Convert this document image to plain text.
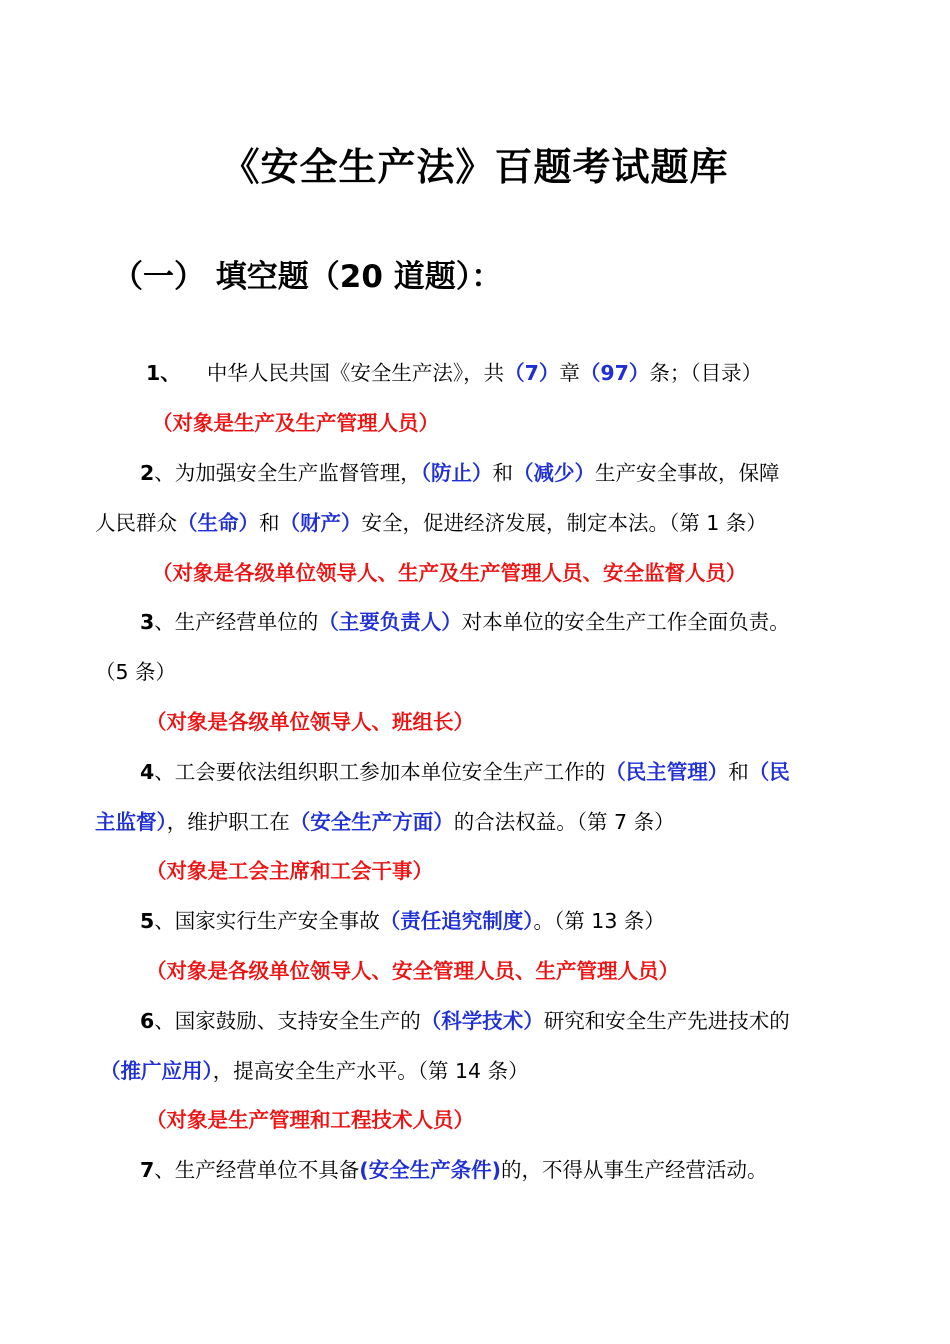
《安全生产法》百题考试题库
（一） 填空题（20 道题）：

1、 中华人民共国《安全生产法》，共（7）章（97）条；（目录）

（对象是生产及生产管理人员）

2、为加强安全生产监督管理，（防止）和（减少）生产安全事故，保障

人民群众（生命）和（财产）安全，促进经济发展，制定本法。（第 1 条）

（对象是各级单位领导人、生产及生产管理人员、安全监督人员）

3、生产经营单位的（主要负责人）对本单位的安全生产工作全面负责。

（5 条）

（对象是各级单位领导人、班组长）

4、工会要依法组织职工参加本单位安全生产工作的（民主管理）和（民

主监督），维护职工在（安全生产方面）的合法权益。（第 7 条）

（对象是工会主席和工会干事）

5、国家实行生产安全事故（责任追究制度）。（第 13 条）

（对象是各级单位领导人、安全管理人员、生产管理人员）

6、国家鼓励、支持安全生产的（科学技术）研究和安全生产先进技术的

（推广应用），提高安全生产水平。（第 14 条）

（对象是生产管理和工程技术人员）

7、生产经营单位不具备(安全生产条件)的，不得从事生产经营活动。
